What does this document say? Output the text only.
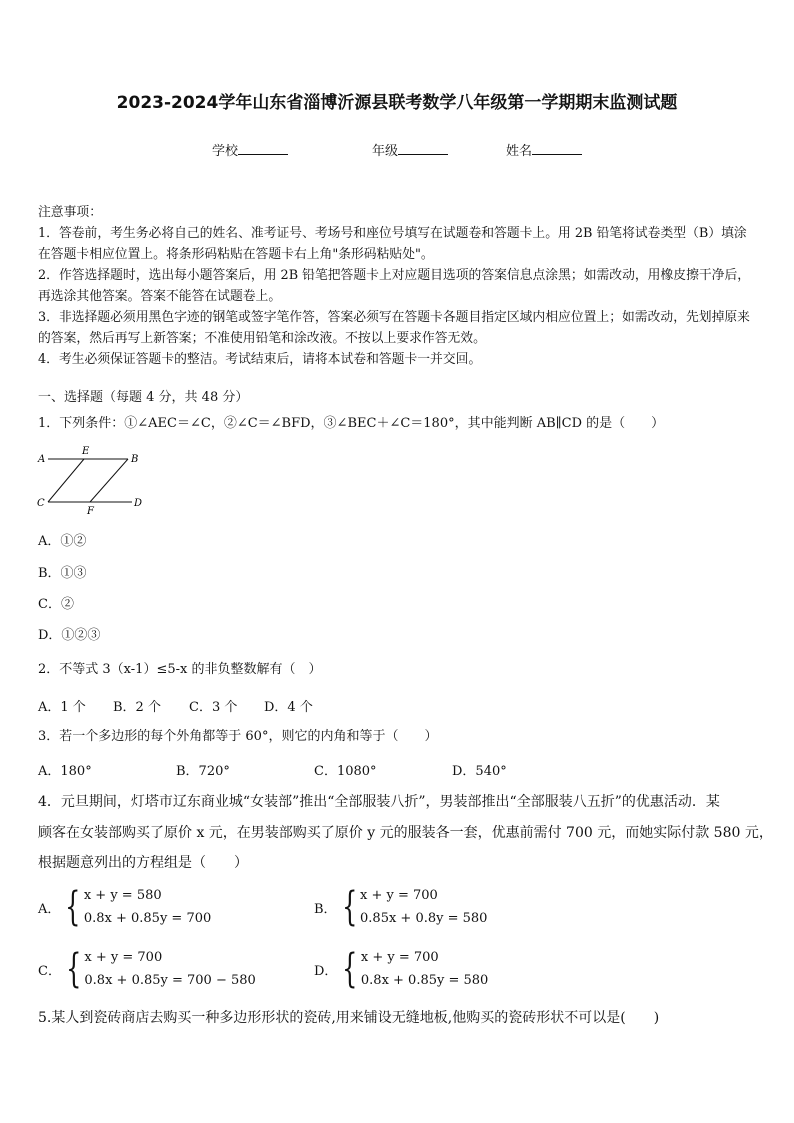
2023-2024学年山东省淄博沂源县联考数学八年级第一学期期末监测试题
学校	年级	姓名

注意事项：

1．答卷前，考生务必将自己的姓名、准考证号、考场号和座位号填写在试题卷和答题卡上。用 2B 铅笔将试卷类型（B）填涂在答题卡相应位置上。将条形码粘贴在答题卡右上角"条形码粘贴处"。

2．作答选择题时，选出每小题答案后，用 2B 铅笔把答题卡上对应题目选项的答案信息点涂黑；如需改动，用橡皮擦干净后，再选涂其他答案。答案不能答在试题卷上。

3．非选择题必须用黑色字迹的钢笔或签字笔作答，答案必须写在答题卡各题目指定区域内相应位置上；如需改动，先划掉原来的答案，然后再写上新答案；不准使用铅笔和涂改液。不按以上要求作答无效。

4．考生必须保证答题卡的整洁。考试结束后，请将本试卷和答题卡一并交回。

一、选择题（每题 4 分，共 48 分）
1．下列条件：①∠AEC＝∠C，②∠C＝∠BFD，③∠BEC＋∠C＝180°，其中能判断 AB∥CD 的是（　　）
A
E
B
C
F
D
A．①②
B．①③
C．②
D．①②③
2．不等式 3（x-1）≤5-x 的非负整数解有（　）
A．1 个 B．2 个 C．3 个 D．4 个
3．若一个多边形的每个外角都等于 60°，则它的内角和等于（　　）
A．180°	B．720°	C．1080°	D．540°
4．元旦期间，灯塔市辽东商业城“女装部”推出“全部服装八折”，男装部推出“全部服装八五折”的优惠活动．某
顾客在女装部购买了原价 x 元，在男装部购买了原价 y 元的服装各一套，优惠前需付 700 元，而她实际付款 580 元，
根据题意列出的方程组是（　　）
A． { x + y = 580
0.8x + 0.85y = 700
B． { x + y = 700
0.85x + 0.8y = 580
C． { x + y = 700
0.8x + 0.85y = 700 − 580
D． { x + y = 700
0.8x + 0.85y = 580
5.某人到瓷砖商店去购买一种多边形形状的瓷砖,用来铺设无缝地板,他购买的瓷砖形状不可以是(　　)
